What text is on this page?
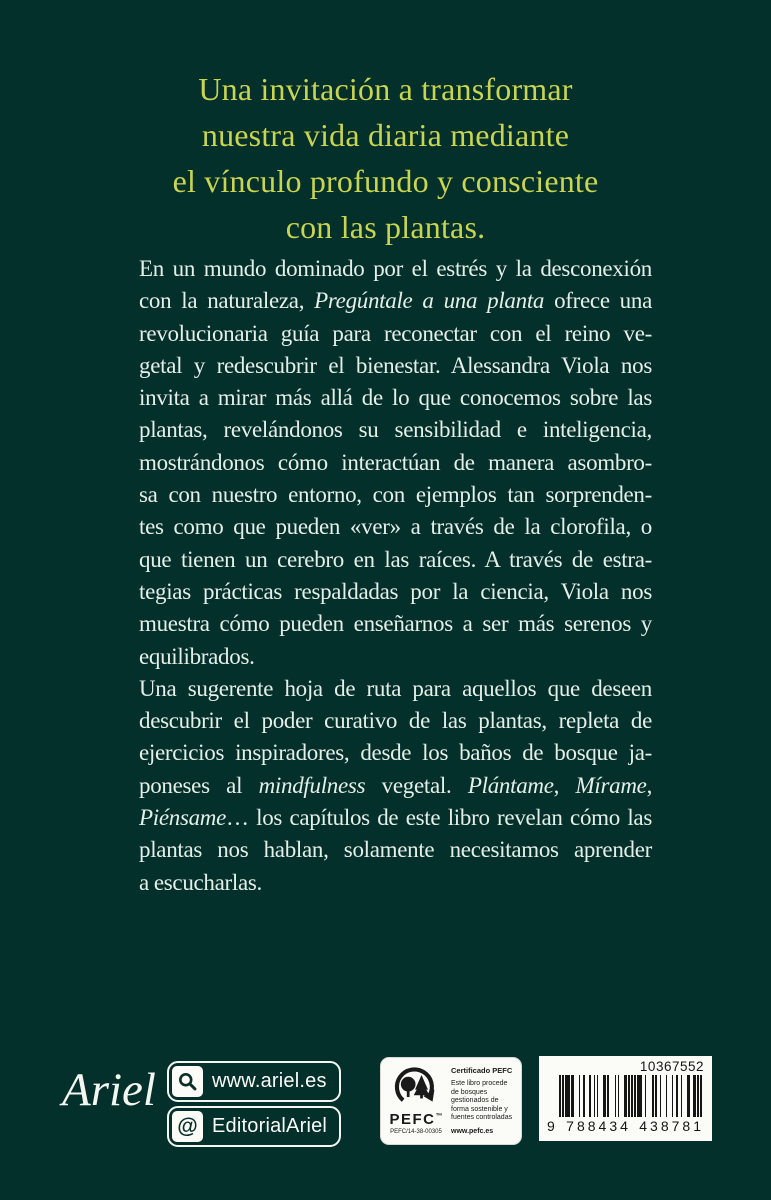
Una invitación a transformar
nuestra vida diaria mediante
el vínculo profundo y consciente
con las plantas.
En un mundo dominado por el estrés y la desconexión
con la naturaleza, Pregúntale a una planta ofrece una
revolucionaria guía para reconectar con el reino ve-
getal y redescubrir el bienestar. Alessandra Viola nos
invita a mirar más allá de lo que conocemos sobre las
plantas, revelándonos su sensibilidad e inteligencia,
mostrándonos cómo interactúan de manera asombro-
sa con nuestro entorno, con ejemplos tan sorprenden-
tes como que pueden «ver» a través de la clorofila, o
que tienen un cerebro en las raíces. A través de estra-
tegias prácticas respaldadas por la ciencia, Viola nos
muestra cómo pueden enseñarnos a ser más serenos y
equilibrados.
Una sugerente hoja de ruta para aquellos que deseen
descubrir el poder curativo de las plantas, repleta de
ejercicios inspiradores, desde los baños de bosque ja-
poneses al mindfulness vegetal. Plántame, Mírame,
Piénsame… los capítulos de este libro revelan cómo las
plantas nos hablan, solamente necesitamos aprender
a escucharlas.
Ariel	www.ariel.es
@ EditorialAriel	PEFC™
PEFC/14-38-00305
Certificado PEFC
Este libro procede de bosques gestionados de forma sostenible y fuentes controladas
www.pefc.es
10367552
9 788434 438781
